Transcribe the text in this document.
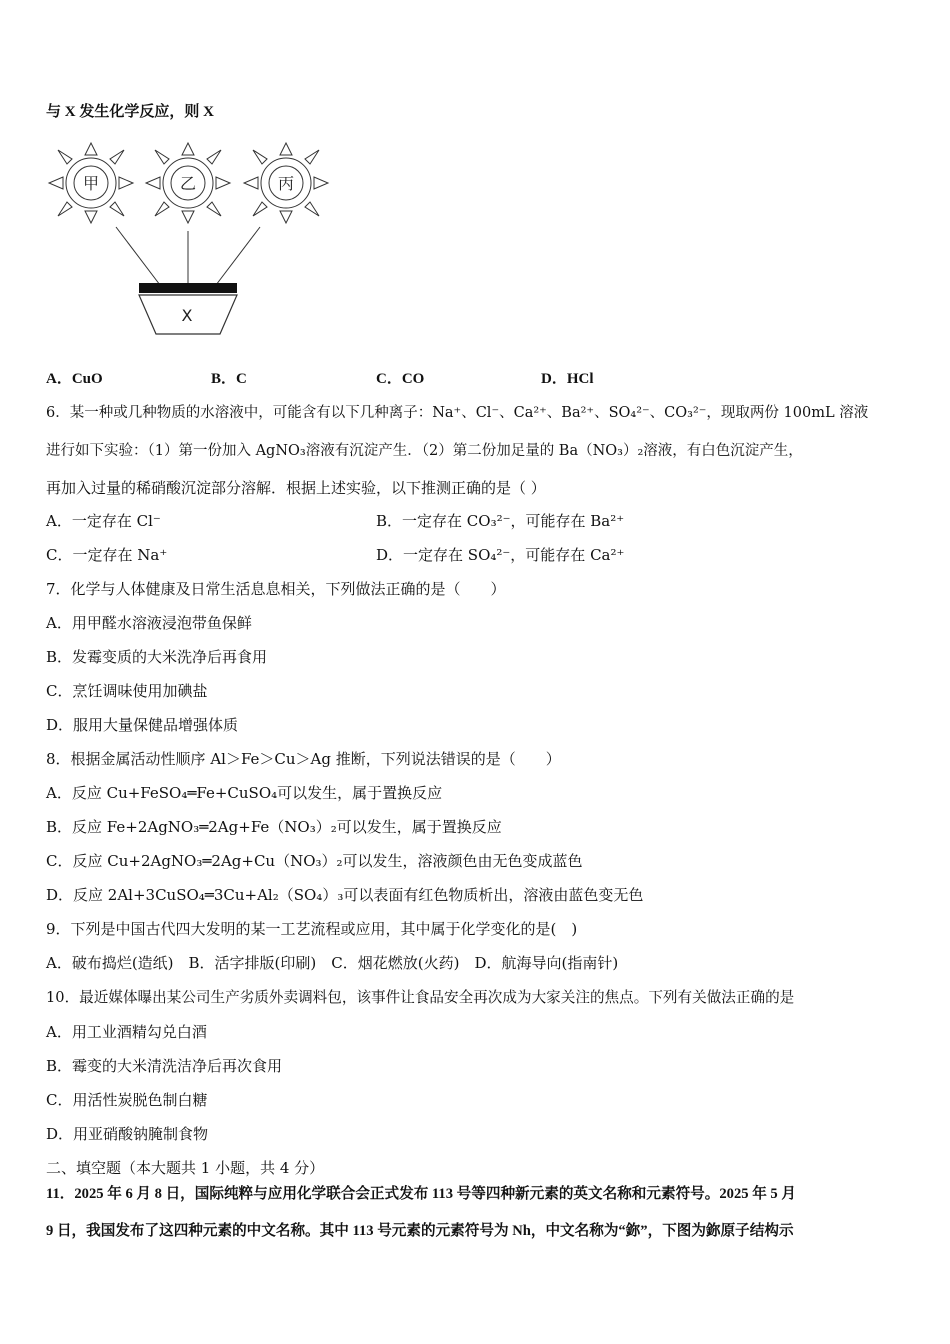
与 X 发生化学反应，则 X
甲	乙	丙
X
A．CuO	B．C	C．CO	D．HCl
6．某一种或几种物质的水溶液中，可能含有以下几种离子：Na⁺、Cl⁻、Ca²⁺、Ba²⁺、SO₄²⁻、CO₃²⁻，现取两份 100mL 溶液
进行如下实验：（1）第一份加入 AgNO₃溶液有沉淀产生．（2）第二份加足量的 Ba（NO₃）₂溶液，有白色沉淀产生，
再加入过量的稀硝酸沉淀部分溶解．根据上述实验，以下推测正确的是（ ）
A．一定存在 Cl⁻	B．一定存在 CO₃²⁻，可能存在 Ba²⁺
C．一定存在 Na⁺	D．一定存在 SO₄²⁻，可能存在 Ca²⁺
7．化学与人体健康及日常生活息息相关，下列做法正确的是（　　）
A．用甲醛水溶液浸泡带鱼保鲜
B．发霉变质的大米洗净后再食用
C．烹饪调味使用加碘盐
D．服用大量保健品增强体质
8．根据金属活动性顺序 Al＞Fe＞Cu＞Ag 推断，下列说法错误的是（　　）
A．反应 Cu+FeSO₄═Fe+CuSO₄可以发生，属于置换反应
B．反应 Fe+2AgNO₃═2Ag+Fe（NO₃）₂可以发生，属于置换反应
C．反应 Cu+2AgNO₃═2Ag+Cu（NO₃）₂可以发生，溶液颜色由无色变成蓝色
D．反应 2Al+3CuSO₄═3Cu+Al₂（SO₄）₃可以表面有红色物质析出，溶液由蓝色变无色
9．下列是中国古代四大发明的某一工艺流程或应用，其中属于化学变化的是(　)
A．破布捣烂(造纸)　B．活字排版(印刷)　C．烟花燃放(火药)　D．航海导向(指南针)
10．最近媒体曝出某公司生产劣质外卖调料包，该事件让食品安全再次成为大家关注的焦点。下列有关做法正确的是
A．用工业酒精勾兑白酒
B．霉变的大米清洗洁净后再次食用
C．用活性炭脱色制白糖
D．用亚硝酸钠腌制食物
二、填空题（本大题共 1 小题，共 4 分）
11．2025 年 6 月 8 日，国际纯粹与应用化学联合会正式发布 113 号等四种新元素的英文名称和元素符号。2025 年 5 月
9 日，我国发布了这四种元素的中文名称。其中 113 号元素的元素符号为 Nh，中文名称为“鉨”，下图为鉨原子结构示
